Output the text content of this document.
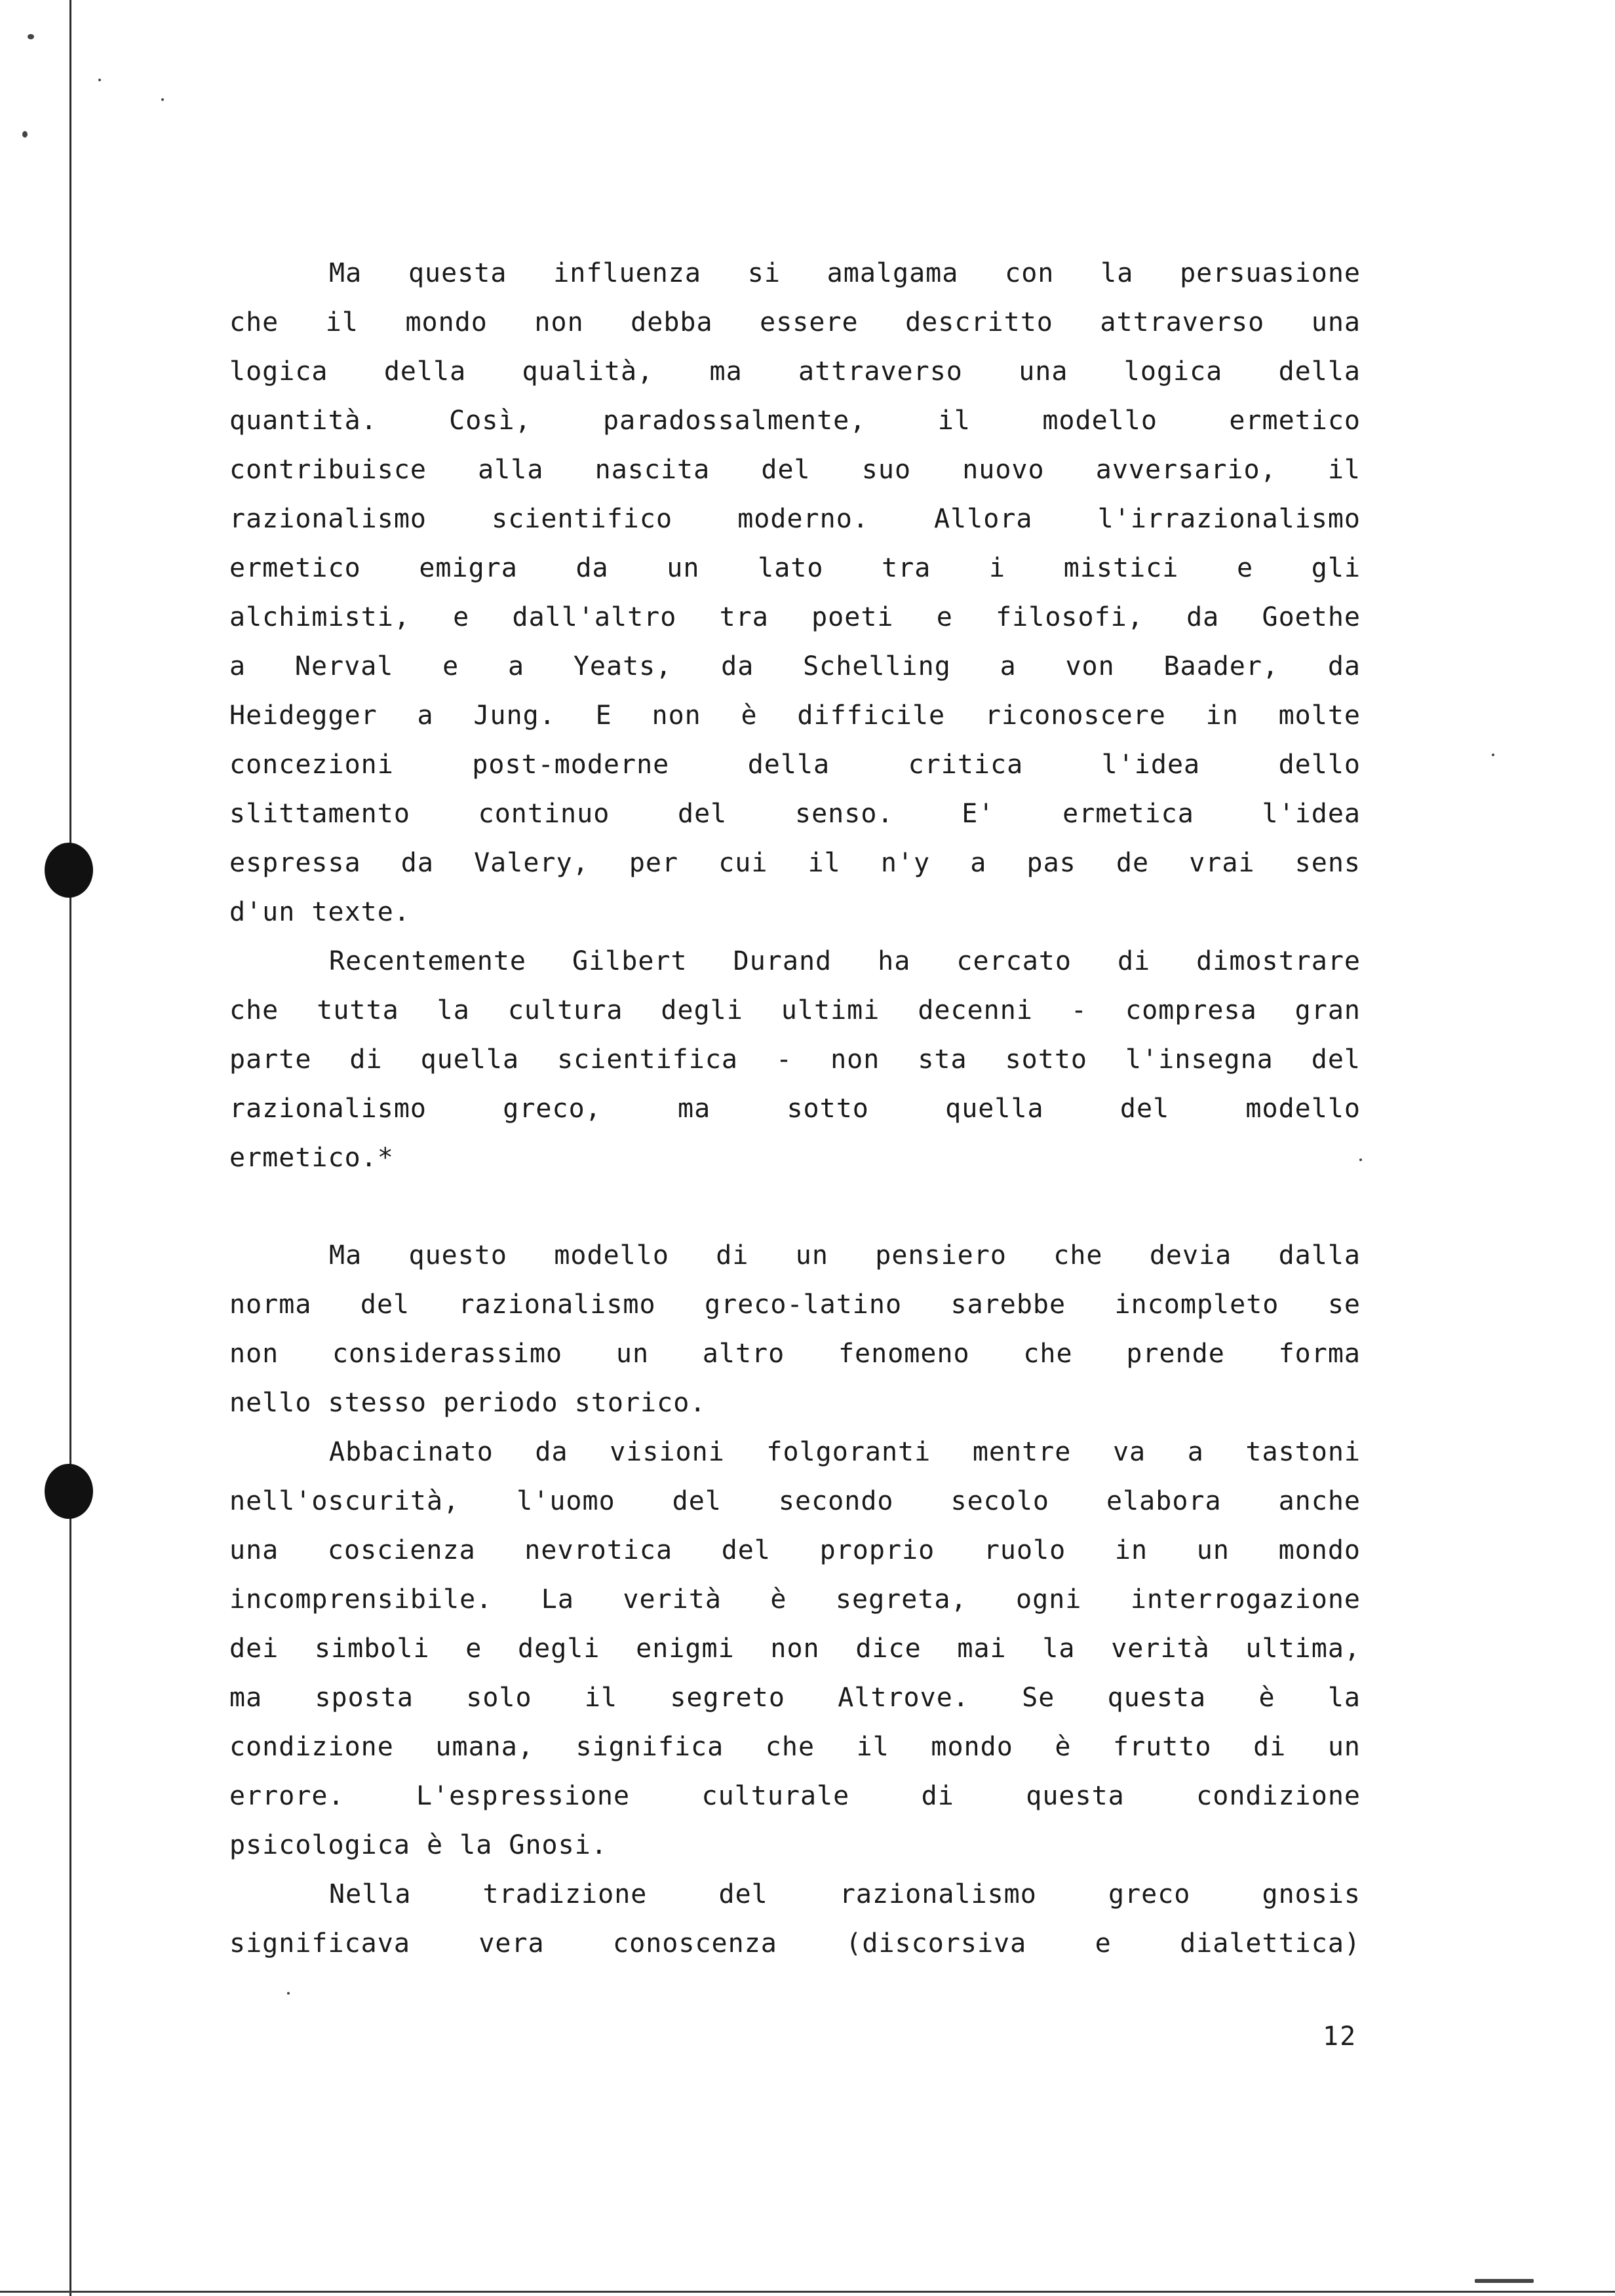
Ma questa influenza si amalgama con la persuasione
che il mondo non debba essere descritto attraverso una
logica della qualità, ma attraverso una logica della
quantità. Così, paradossalmente, il modello ermetico
contribuisce alla nascita del suo nuovo avversario, il
razionalismo scientifico moderno. Allora l'irrazionalismo
ermetico emigra da un lato tra i mistici e gli
alchimisti, e dall'altro tra poeti e filosofi, da Goethe
a Nerval e a Yeats, da Schelling a von Baader, da
Heidegger a Jung. E non è difficile riconoscere in molte
concezioni post-moderne della critica l'idea dello
slittamento continuo del senso. E' ermetica l'idea
espressa da Valery, per cui il n'y a pas de vrai sens
d'un texte.
Recentemente Gilbert Durand ha cercato di dimostrare
che tutta la cultura degli ultimi decenni - compresa gran
parte di quella scientifica - non sta sotto l'insegna del
razionalismo greco, ma sotto quella del modello
ermetico.*
Ma questo modello di un pensiero che devia dalla
norma del razionalismo greco-latino sarebbe incompleto se
non considerassimo un altro fenomeno che prende forma
nello stesso periodo storico.
Abbacinato da visioni folgoranti mentre va a tastoni
nell'oscurità, l'uomo del secondo secolo elabora anche
una coscienza nevrotica del proprio ruolo in un mondo
incomprensibile. La verità è segreta, ogni interrogazione
dei simboli e degli enigmi non dice mai la verità ultima,
ma sposta solo il segreto Altrove. Se questa è la
condizione umana, significa che il mondo è frutto di un
errore. L'espressione culturale di questa condizione
psicologica è la Gnosi.
Nella tradizione del razionalismo greco gnosis
significava vera conoscenza (discorsiva e dialettica)
12
